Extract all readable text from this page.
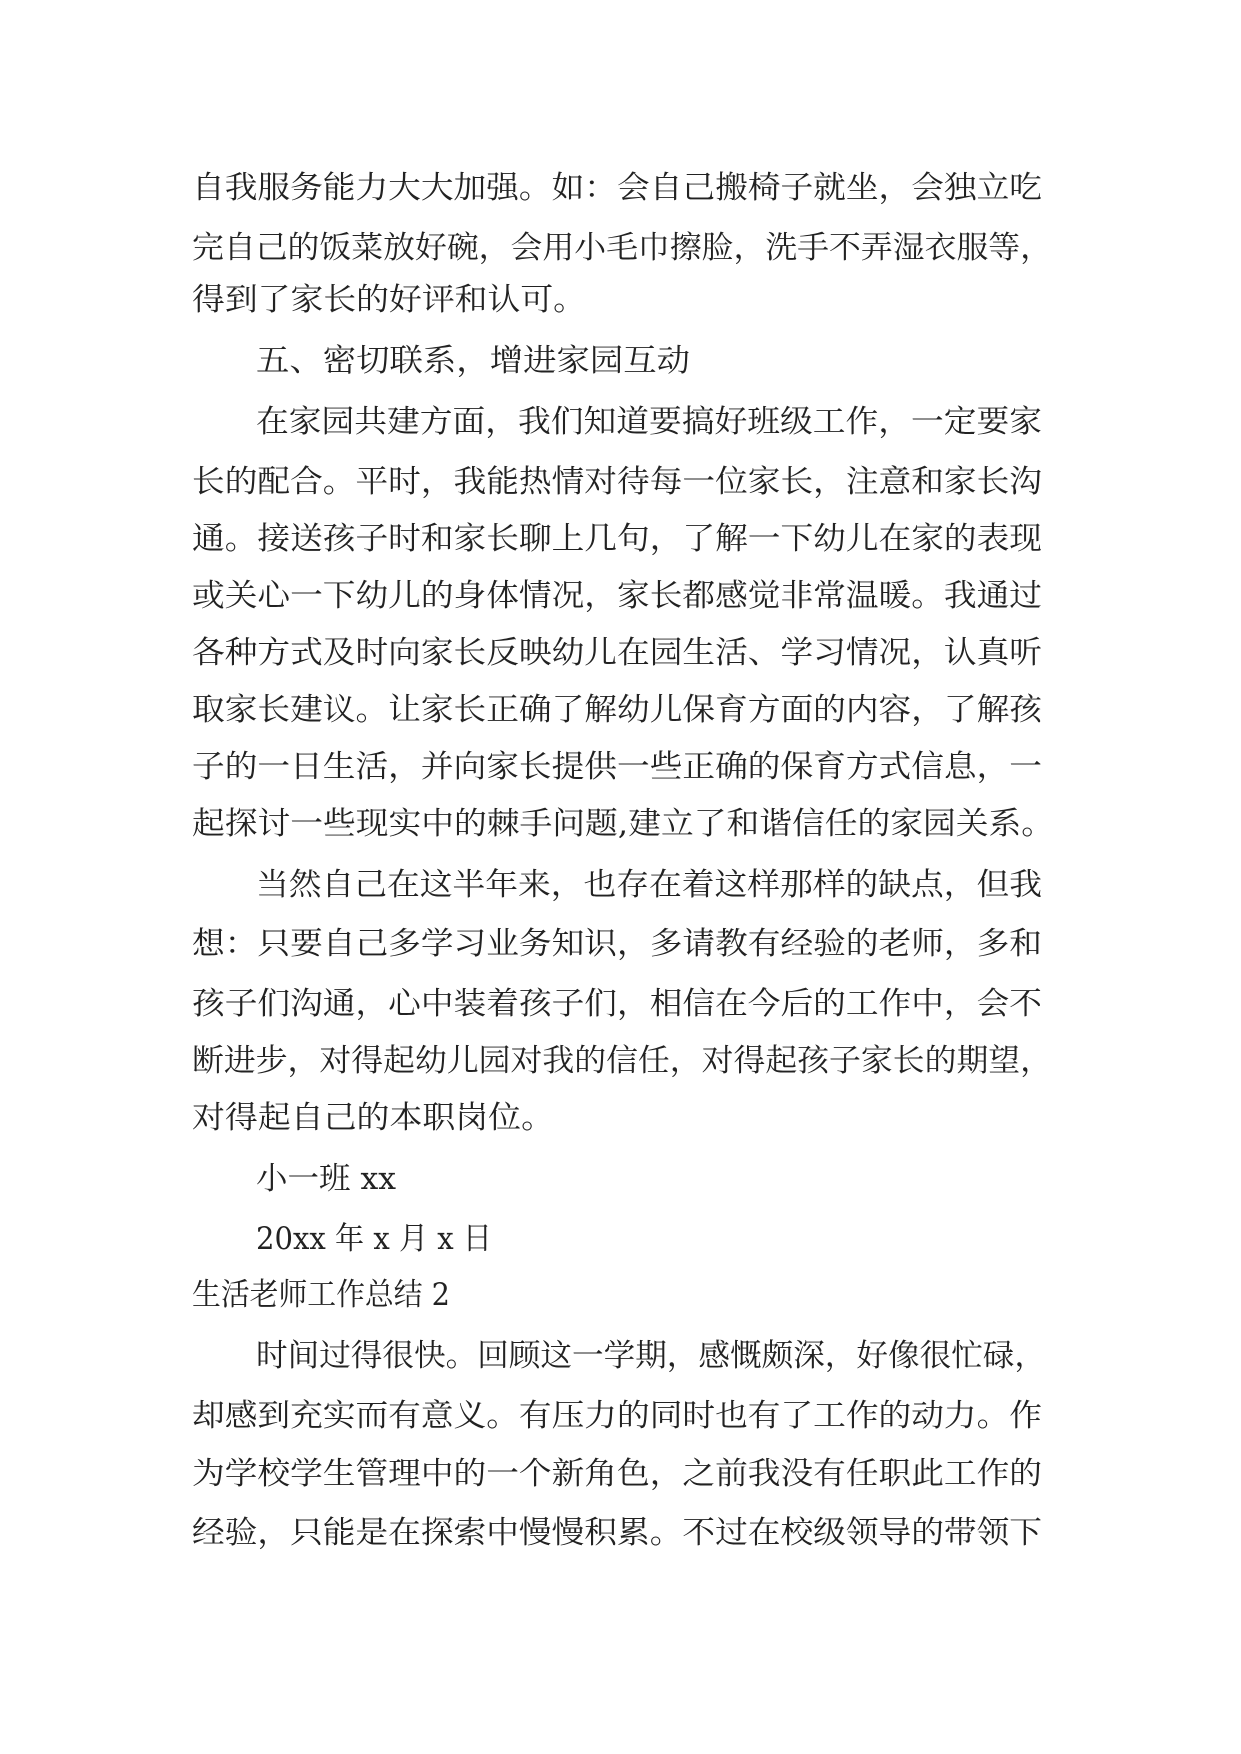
自我服务能力大大加强。如：会自己搬椅子就坐，会独立吃
完自己的饭菜放好碗，会用小毛巾擦脸，洗手不弄湿衣服等，
得到了家长的好评和认可。
五、密切联系，增进家园互动
在家园共建方面，我们知道要搞好班级工作，一定要家
长的配合。平时，我能热情对待每一位家长，注意和家长沟
通。接送孩子时和家长聊上几句，了解一下幼儿在家的表现
或关心一下幼儿的身体情况，家长都感觉非常温暖。我通过
各种方式及时向家长反映幼儿在园生活、学习情况，认真听
取家长建议。让家长正确了解幼儿保育方面的内容，了解孩
子的一日生活，并向家长提供一些正确的保育方式信息，一
起探讨一些现实中的棘手问题,建立了和谐信任的家园关系。
当然自己在这半年来，也存在着这样那样的缺点，但我
想：只要自己多学习业务知识，多请教有经验的老师，多和
孩子们沟通，心中装着孩子们，相信在今后的工作中，会不
断进步，对得起幼儿园对我的信任，对得起孩子家长的期望，
对得起自己的本职岗位。
小一班 xx
20xx 年 x 月 x 日
生活老师工作总结 2
时间过得很快。回顾这一学期，感慨颇深，好像很忙碌，
却感到充实而有意义。有压力的同时也有了工作的动力。作
为学校学生管理中的一个新角色，之前我没有任职此工作的
经验，只能是在探索中慢慢积累。不过在校级领导的带领下
